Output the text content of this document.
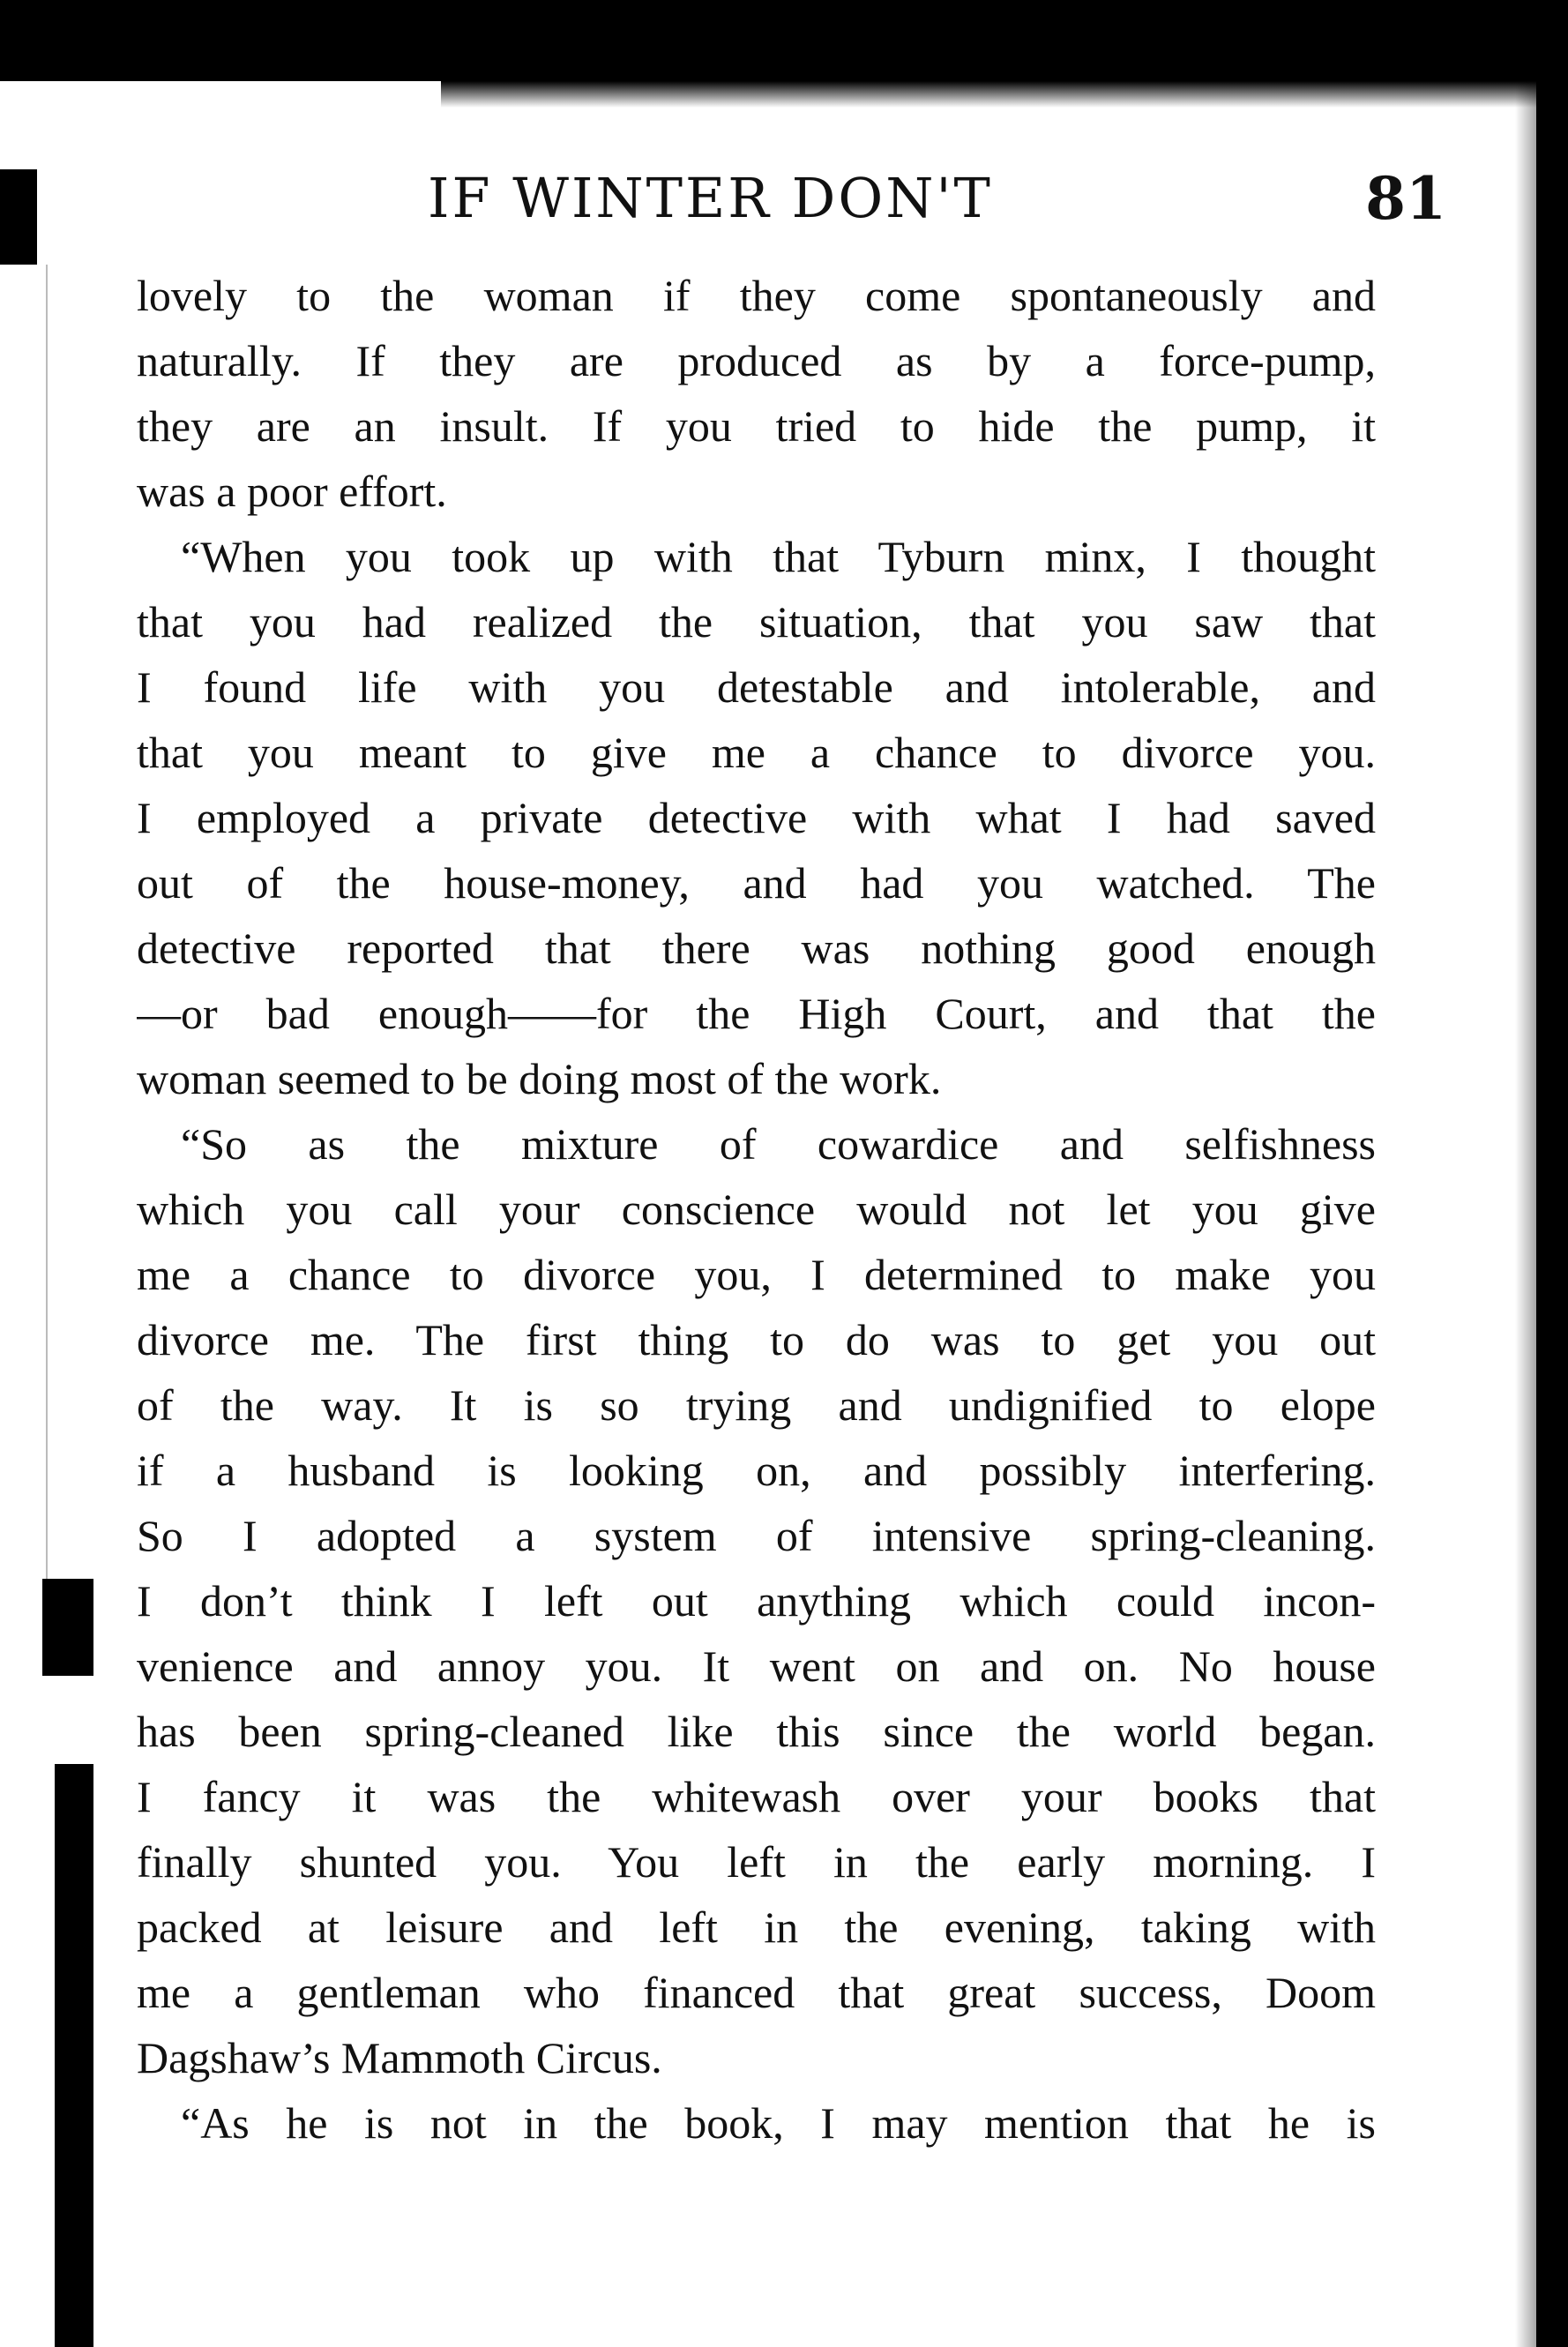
IF WINTER DON'T	81
lovely to the woman if they come spontaneously and
naturally. If they are produced as by a force-pump,
they are an insult. If you tried to hide the pump, it
was a poor effort.
“When you took up with that Tyburn minx, I thought
that you had realized the situation, that you saw that
I found life with you detestable and intolerable, and
that you meant to give me a chance to divorce you.
I employed a private detective with what I had saved
out of the house-money, and had you watched. The
detective reported that there was nothing good enough
—or bad enough——for the High Court, and that the
woman seemed to be doing most of the work.
“So as the mixture of cowardice and selfishness
which you call your conscience would not let you give
me a chance to divorce you, I determined to make you
divorce me. The first thing to do was to get you out
of the way. It is so trying and undignified to elope
if a husband is looking on, and possibly interfering.
So I adopted a system of intensive spring-cleaning.
I don’t think I left out anything which could incon-
venience and annoy you. It went on and on. No house
has been spring-cleaned like this since the world began.
I fancy it was the whitewash over your books that
finally shunted you. You left in the early morning. I
packed at leisure and left in the evening, taking with
me a gentleman who financed that great success, Doom
Dagshaw’s Mammoth Circus.
“As he is not in the book, I may mention that he is
